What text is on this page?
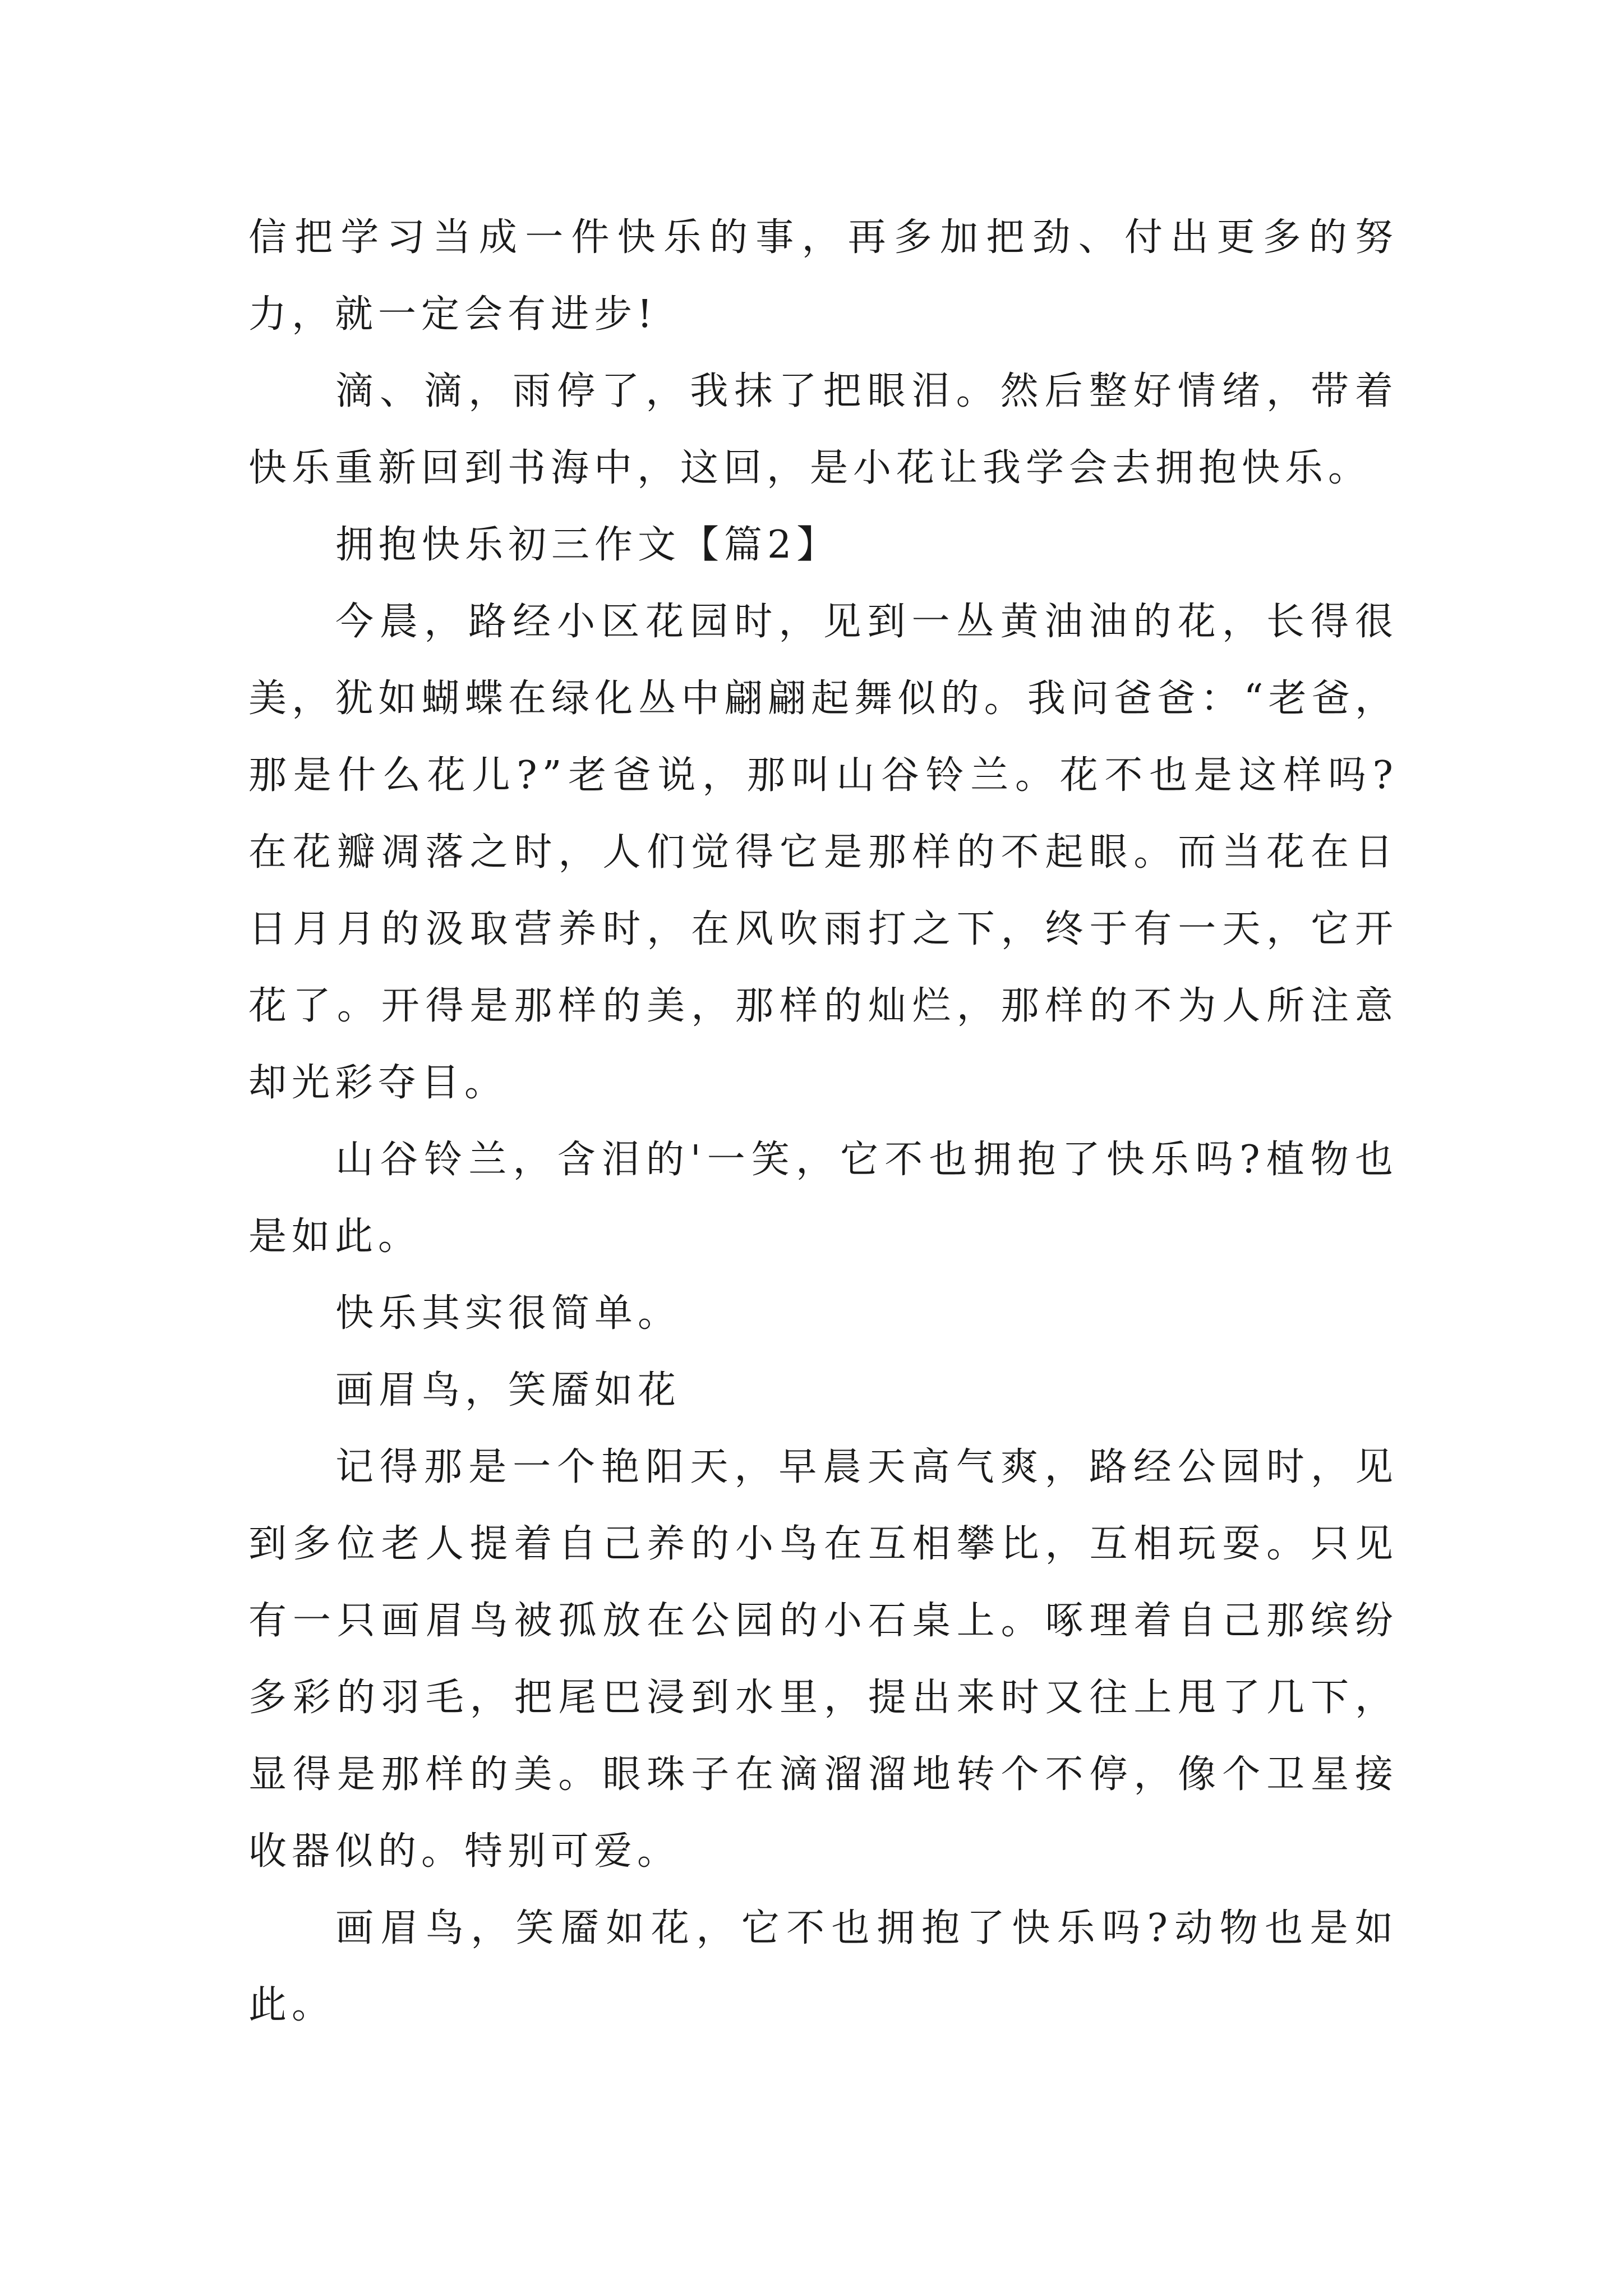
信把学习当成一件快乐的事，再多加把劲、付出更多的努力，就一定会有进步!

滴、滴，雨停了，我抹了把眼泪。然后整好情绪，带着快乐重新回到书海中，这回，是小花让我学会去拥抱快乐。

拥抱快乐初三作文【篇2】

今晨，路经小区花园时，见到一丛黄油油的花，长得很美，犹如蝴蝶在绿化丛中翩翩起舞似的。我问爸爸：“老爸，那是什么花儿?”老爸说，那叫山谷铃兰。花不也是这样吗?在花瓣凋落之时，人们觉得它是那样的不起眼。而当花在日日月月的汲取营养时，在风吹雨打之下，终于有一天，它开花了。开得是那样的美，那样的灿烂，那样的不为人所注意却光彩夺目。

山谷铃兰，含泪的'一笑，它不也拥抱了快乐吗?植物也是如此。

快乐其实很简单。

画眉鸟，笑靥如花

记得那是一个艳阳天，早晨天高气爽，路经公园时，见到多位老人提着自己养的小鸟在互相攀比，互相玩耍。只见有一只画眉鸟被孤放在公园的小石桌上。啄理着自己那缤纷多彩的羽毛，把尾巴浸到水里，提出来时又往上甩了几下，显得是那样的美。眼珠子在滴溜溜地转个不停，像个卫星接收器似的。特别可爱。

画眉鸟，笑靥如花，它不也拥抱了快乐吗?动物也是如此。
